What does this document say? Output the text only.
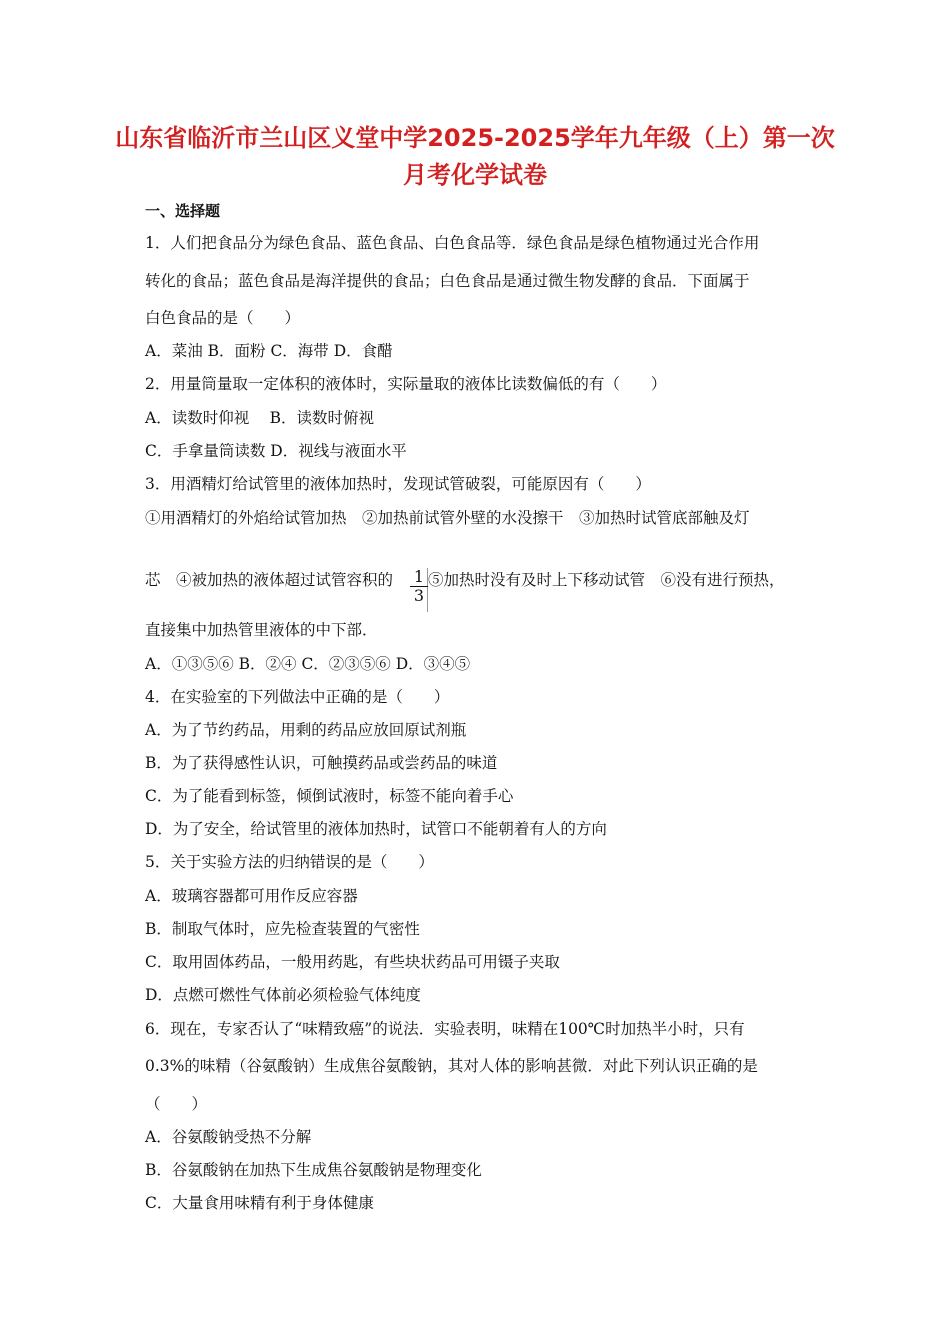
山东省临沂市兰山区义堂中学2025-2025学年九年级（上）第一次
月考化学试卷
一、选择题
1．人们把食品分为绿色食品、蓝色食品、白色食品等．绿色食品是绿色植物通过光合作用
转化的食品；蓝色食品是海洋提供的食品；白色食品是通过微生物发酵的食品．下面属于
白色食品的是（　　）
A．菜油 B．面粉 C．海带 D．食醋
2．用量筒量取一定体积的液体时，实际量取的液体比读数偏低的有（　　）
A．读数时仰视　 B．读数时俯视
C．手拿量筒读数 D．视线与液面水平
3．用酒精灯给试管里的液体加热时，发现试管破裂，可能原因有（　　）
①用酒精灯的外焰给试管加热　②加热前试管外壁的水没擦干　③加热时试管底部触及灯
芯　④被加热的液体超过试管容积的 $\frac{1}{3}$ ⑤加热时没有及时上下移动试管　⑥没有进行预热，
直接集中加热管里液体的中下部．
A．①③⑤⑥ B．②④ C．②③⑤⑥ D．③④⑤
4．在实验室的下列做法中正确的是（　　）
A．为了节约药品，用剩的药品应放回原试剂瓶
B．为了获得感性认识，可触摸药品或尝药品的味道
C．为了能看到标签，倾倒试液时，标签不能向着手心
D．为了安全，给试管里的液体加热时，试管口不能朝着有人的方向
5．关于实验方法的归纳错误的是（　　）
A．玻璃容器都可用作反应容器
B．制取气体时，应先检查装置的气密性
C．取用固体药品，一般用药匙，有些块状药品可用镊子夹取
D．点燃可燃性气体前必须检验气体纯度
6．现在，专家否认了“味精致癌”的说法．实验表明，味精在100℃时加热半小时，只有
0.3%的味精（谷氨酸钠）生成焦谷氨酸钠，其对人体的影响甚微．对此下列认识正确的是
（　　）
A．谷氨酸钠受热不分解
B．谷氨酸钠在加热下生成焦谷氨酸钠是物理变化
C．大量食用味精有利于身体健康
